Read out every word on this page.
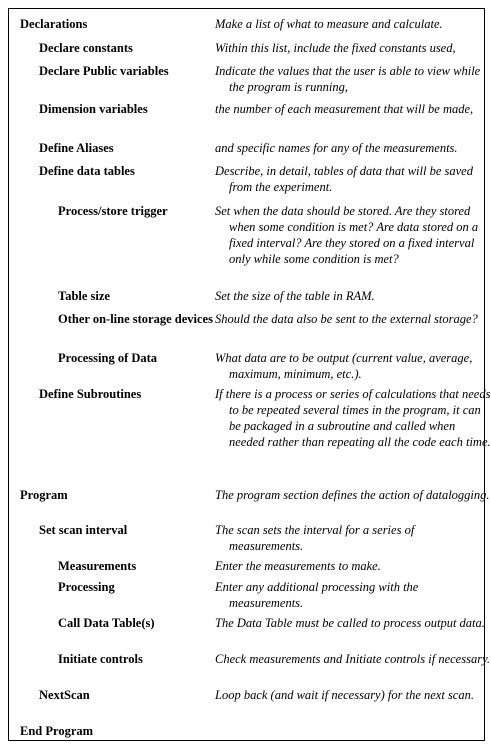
Declarations	Make a list of what to measure and calculate.
Declare constants	Within this list, include the fixed constants used,
Declare Public variables	Indicate the values that the user is able to view while the program is running,
Dimension variables	the number of each measurement that will be made,
Define Aliases	and specific names for any of the measurements.
Define data tables	Describe, in detail, tables of data that will be saved from the experiment.
Process/store trigger	Set when the data should be stored. Are they stored when some condition is met? Are data stored on a fixed interval? Are they stored on a fixed interval only while some condition is met?
Table size	Set the size of the table in RAM.
Other on-line storage devices Should the data also be sent to the external storage?
Processing of Data	What data are to be output (current value, average, maximum, minimum, etc.).
Define Subroutines	If there is a process or series of calculations that needs to be repeated several times in the program, it can be packaged in a subroutine and called when needed rather than repeating all the code each time.
Program	The program section defines the action of datalogging.
Set scan interval	The scan sets the interval for a series of measurements.
Measurements	Enter the measurements to make.
Processing	Enter any additional processing with the measurements.
Call Data Table(s)	The Data Table must be called to process output data.
Initiate controls	Check measurements and Initiate controls if necessary.
NextScan	Loop back (and wait if necessary) for the next scan.
End Program
